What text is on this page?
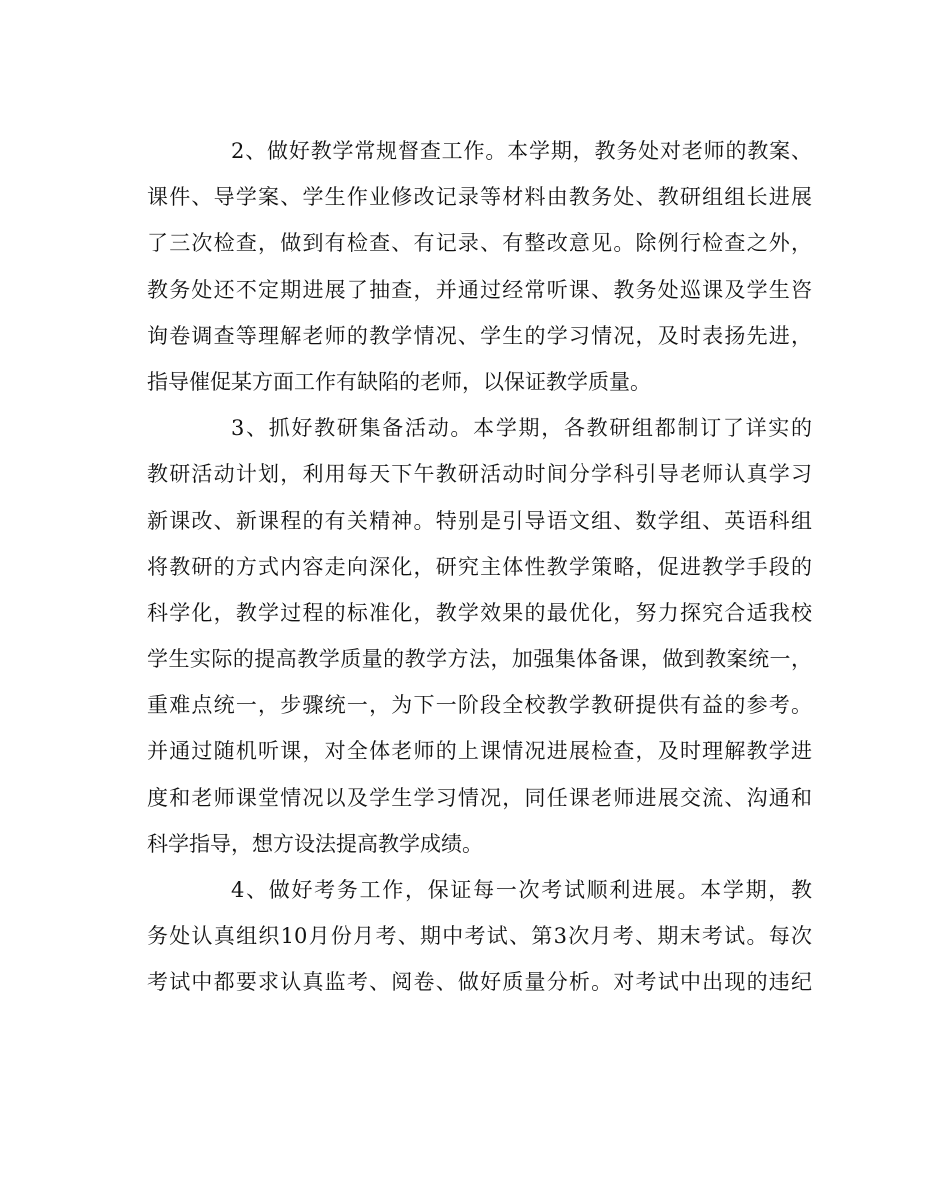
2、做好教学常规督查工作。本学期，教务处对老师的教案、
课件、导学案、学生作业修改记录等材料由教务处、教研组组长进展
了三次检查，做到有检查、有记录、有整改意见。除例行检查之外，
教务处还不定期进展了抽查，并通过经常听课、教务处巡课及学生咨
询卷调查等理解老师的教学情况、学生的学习情况，及时表扬先进，
指导催促某方面工作有缺陷的老师，以保证教学质量。
3、抓好教研集备活动。本学期，各教研组都制订了详实的
教研活动计划，利用每天下午教研活动时间分学科引导老师认真学习
新课改、新课程的有关精神。特别是引导语文组、数学组、英语科组
将教研的方式内容走向深化，研究主体性教学策略，促进教学手段的
科学化，教学过程的标准化，教学效果的最优化，努力探究合适我校
学生实际的提高教学质量的教学方法，加强集体备课，做到教案统一，
重难点统一，步骤统一，为下一阶段全校教学教研提供有益的参考。
并通过随机听课，对全体老师的上课情况进展检查，及时理解教学进
度和老师课堂情况以及学生学习情况，同任课老师进展交流、沟通和
科学指导，想方设法提高教学成绩。
4、做好考务工作，保证每一次考试顺利进展。本学期，教
务处认真组织10月份月考、期中考试、第3次月考、期末考试。每次
考试中都要求认真监考、阅卷、做好质量分析。对考试中出现的违纪
